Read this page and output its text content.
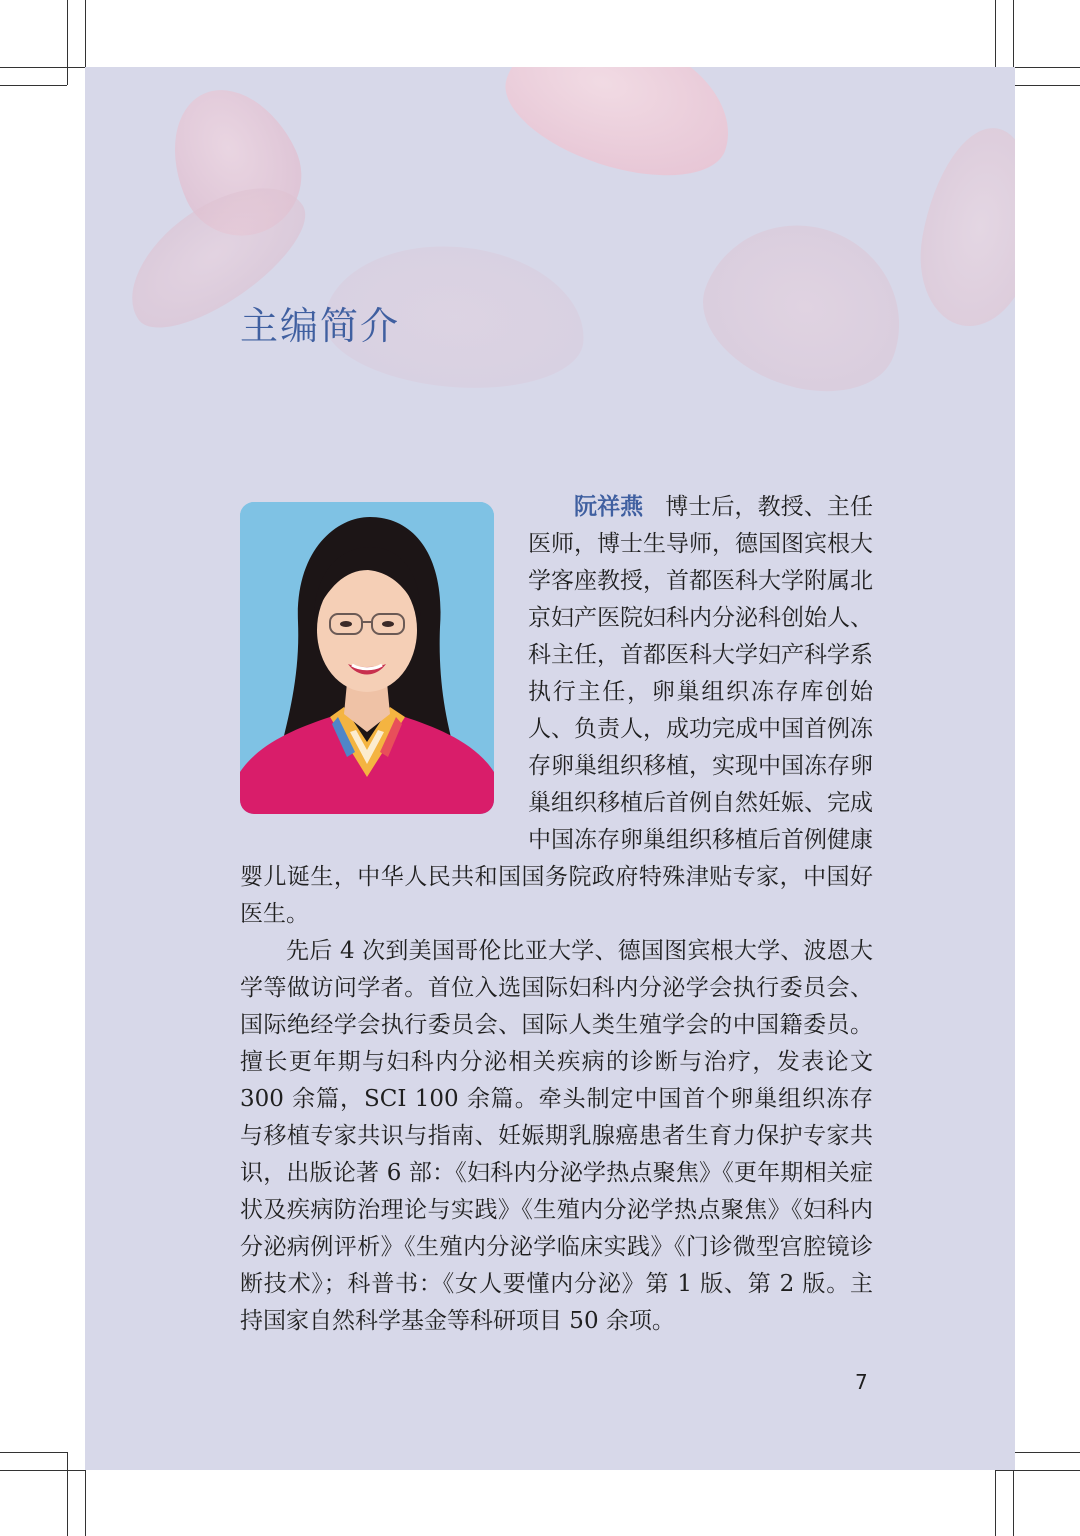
主编简介

阮祥燕 博士后，教授、主任医师，博士生导师，德国图宾根大学客座教授，首都医科大学附属北京妇产医院妇科内分泌科创始人、科主任，首都医科大学妇产科学系执行主任，卵巢组织冻存库创始人、负责人，成功完成中国首例冻存卵巢组织移植，实现中国冻存卵巢组织移植后首例自然妊娠、完成中国冻存卵巢组织移植后首例健康婴儿诞生，中华人民共和国国务院政府特殊津贴专家，中国好医生。

先后 4 次到美国哥伦比亚大学、德国图宾根大学、波恩大学等做访问学者。首位入选国际妇科内分泌学会执行委员会、国际绝经学会执行委员会、国际人类生殖学会的中国籍委员。擅长更年期与妇科内分泌相关疾病的诊断与治疗，发表论文 300 余篇，SCI 100 余篇。牵头制定中国首个卵巢组织冻存与移植专家共识与指南、妊娠期乳腺癌患者生育力保护专家共识，出版论著 6 部：《妇科内分泌学热点聚焦》《更年期相关症状及疾病防治理论与实践》《生殖内分泌学热点聚焦》《妇科内分泌病例评析》《生殖内分泌学临床实践》《门诊微型宫腔镜诊断技术》；科普书：《女人要懂内分泌》第 1 版、第 2 版。主持国家自然科学基金等科研项目 50 余项。

7
